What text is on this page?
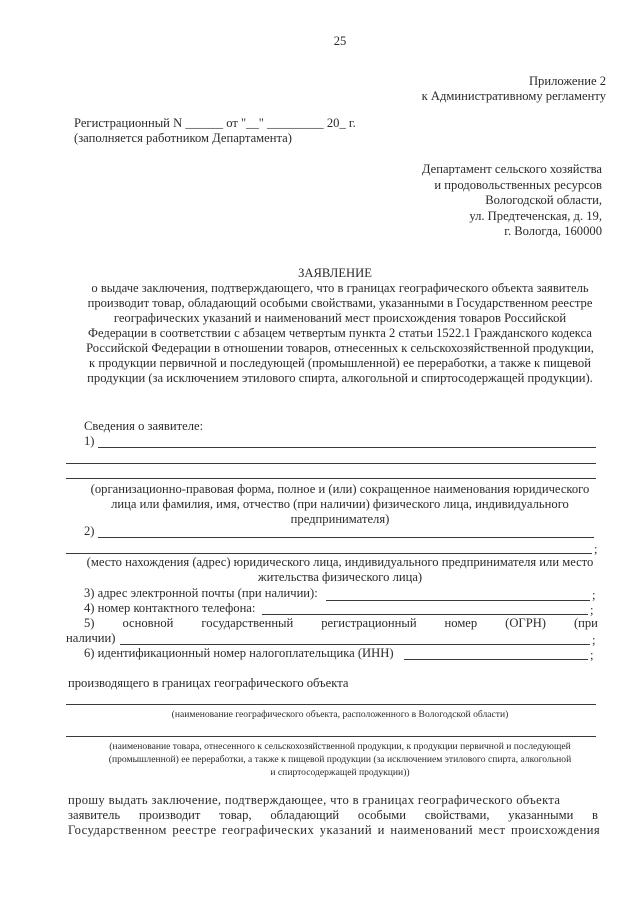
25
Приложение 2
к Административному регламенту
Регистрационный N ______ от "__" _________ 20_ г.
(заполняется работником Департамента)
Департамент сельского хозяйства
и продовольственных ресурсов
Вологодской области,
ул. Предтеченская, д. 19,
г. Вологда, 160000
ЗАЯВЛЕНИЕ
о выдаче заключения, подтверждающего, что в границах географического объекта заявитель
производит товар, обладающий особыми свойствами, указанными в Государственном реестре
географических указаний и наименований мест происхождения товаров Российской
Федерации в соответствии с абзацем четвертым пункта 2 статьи 1522.1 Гражданского кодекса
Российской Федерации в отношении товаров, отнесенных к сельскохозяйственной продукции,
к продукции первичной и последующей (промышленной) ее переработки, а также к пищевой
продукции (за исключением этилового спирта, алкогольной и спиртосодержащей продукции).
Сведения о заявителе:
1)
(организационно-правовая форма, полное и (или) сокращенное наименования юридического
лица или фамилия, имя, отчество (при наличии) физического лица, индивидуального
предпринимателя)
2)
;
(место нахождения (адрес) юридического лица, индивидуального предпринимателя или место
жительства физического лица)
3) адрес электронной почты (при наличии):	;
4) номер контактного телефона:	;
5) основной государственный регистрационный номер (ОГРН) (при
наличии)	;
6) идентификационный номер налогоплательщика (ИНН)	;
производящего в границах географического объекта
(наименование географического объекта, расположенного в Вологодской области)
(наименование товара, отнесенного к сельскохозяйственной продукции, к продукции первичной и последующей
(промышленной) ее переработки, а также к пищевой продукции (за исключением этилового спирта, алкогольной
и спиртосодержащей продукции))
прошу выдать заключение, подтверждающее, что в границах географического объекта
заявитель производит товар, обладающий особыми свойствами, указанными в
Государственном реестре географических указаний и наименований мест происхождения
